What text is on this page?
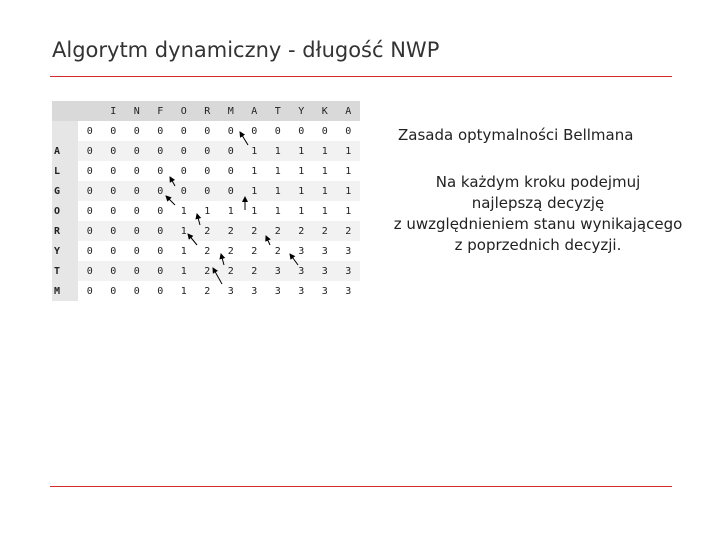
Algorytm dynamiczny - długość NWP
		I	N	F	O	R	M	A	T	Y	K	A
	0	0	0	0	0	0	0	0	0	0	0	0
A	0	0	0	0	0	0	0	1	1	1	1	1
L	0	0	0	0	0	0	0	1	1	1	1	1
G	0	0	0	0	0	0	0	1	1	1	1	1
O	0	0	0	0	1	1	1	1	1	1	1	1
R	0	0	0	0	1	2	2	2	2	2	2	2
Y	0	0	0	0	1	2	2	2	2	3	3	3
T	0	0	0	0	1	2	2	2	3	3	3	3
M	0	0	0	0	1	2	3	3	3	3	3	3
Zasada optymalności Bellmana
Na każdym kroku podejmuj
najlepszą decyzję
z uwzględnieniem stanu wynikającego
z poprzednich decyzji.
